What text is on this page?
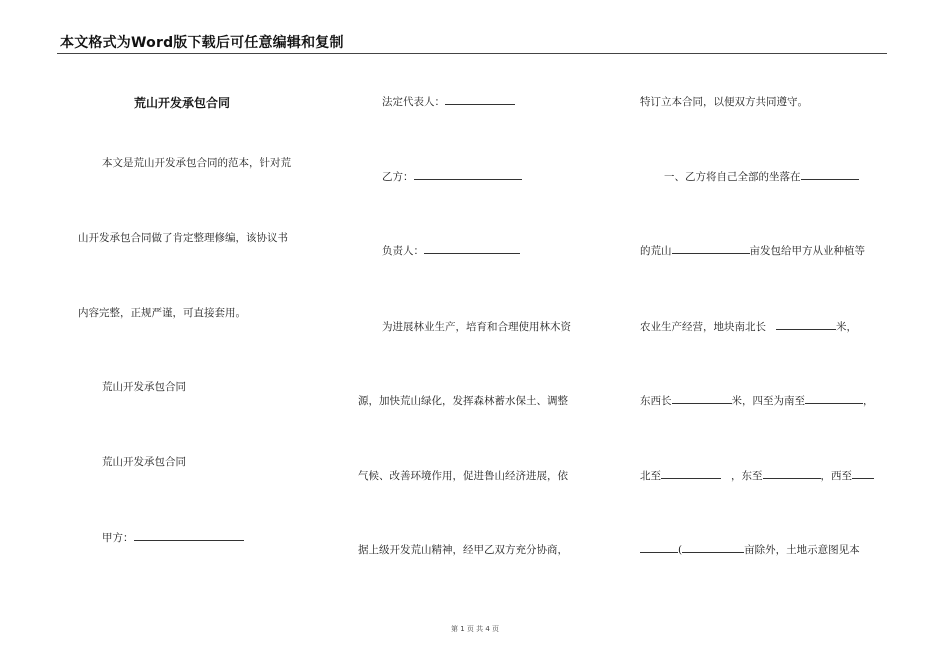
本文格式为Word版下载后可任意编辑和复制
荒山开发承包合同
本文是荒山开发承包合同的范本，针对荒
山开发承包合同做了肯定整理修编，该协议书
内容完整，正规严谨，可直接套用。
荒山开发承包合同
荒山开发承包合同
甲方：
法定代表人：
乙方：
负责人：
为进展林业生产，培育和合理使用林木资
源，加快荒山绿化，发挥森林蓄水保土、调整
气候、改善环境作用，促进鲁山经济进展，依
据上级开发荒山精神，经甲乙双方充分协商，
特订立本合同，以便双方共同遵守。
一、乙方将自己全部的坐落在
的荒山	亩发包给甲方从业种植等
农业生产经营，地块南北长	米，
东西长	米，四至为南至	，
北至	，东至	，西至
(	亩除外，土地示意图见本
第 1 页 共 4 页
